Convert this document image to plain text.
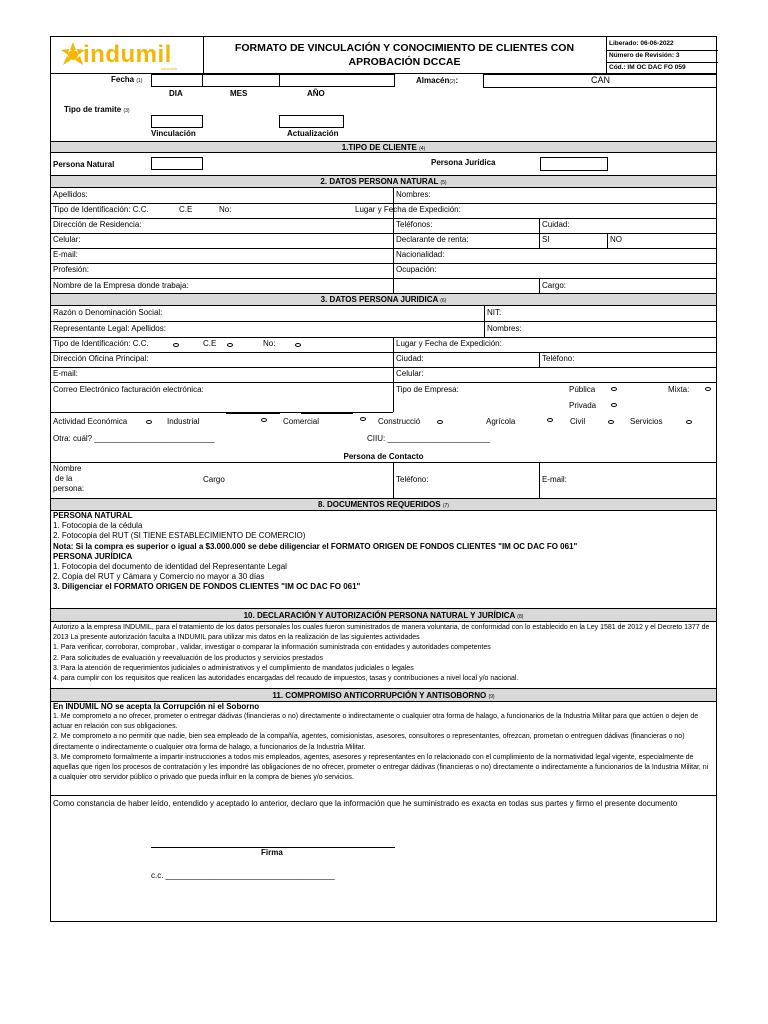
indumil
colombia
FORMATO DE VINCULACIÓN Y CONOCIMIENTO DE CLIENTES CON
APROBACIÓN DCCAE
Liberado: 06-06-2022
Número de Revisión: 3
Cód.: IM OC DAC FO 059
Fecha (1)	Almacén(2):	CAN
DIA	MES	AÑO
Tipo de tramite (3)
Vinculación	Actualización
1.TIPO DE CLIENTE (4)
Persona Natural	Persona Jurídica
2. DATOS PERSONA NATURAL (5)
Apellidos:	Nombres:
Tipo de Identificación: C.C.	C.E	No:	Lugar y Fecha de Expedición:
Dirección de Residencia:	Teléfonos:	Cuidad:
Celular:	Declarante de renta:	SI	NO
E-mail:	Nacionalidad:
Profesión:	Ocupación:
Nombre de la Empresa donde trabaja:	Cargo:
3. DATOS PERSONA JURIDICA (6)
Razón o Denominación Social:	NIT:
Representante Legal: Apellidos:	Nombres:
Tipo de Identificación: C.C.	C.E	No:	Lugar y Fecha de Expedición:
Dirección Oficina Principal:	Ciudad:	Teléfono:
E-mail:	Celular:
Correo Electrónico facturación electrónica:	Tipo de Empresa:	Pública	Mixta:
Privada
Actividad Económica	Industrial	Comercial	Construcció	Agrícola	Civil	Servicios
Otra: cuál? ___________________________	CIIU: _______________________
Persona de Contacto
Nombre
de la
persona:
Cargo	Teléfono:	E-mail:
8. DOCUMENTOS REQUERIDOS (7)
PERSONA NATURAL
1. Fotocopia de la cédula
2. Fotocopia del RUT (SI TIENE ESTABLECIMIENTO DE COMERCIO)
Nota: Si la compra es superior o igual a $3.000.000 se debe diligenciar el FORMATO ORIGEN DE FONDOS CLIENTES "IM OC DAC FO 061"
PERSONA JURÍDICA
1. Fotocopia del documento de identidad del Representante Legal
2. Copia del RUT y Cámara y Comercio no mayor a 30 días
3. Diligenciar el FORMATO ORIGEN DE FONDOS CLIENTES "IM OC DAC FO 061"
10. DECLARACIÓN Y AUTORIZACIÓN PERSONA NATURAL Y JURÍDICA (8)

Autorizo a la empresa INDUMIL, para el tratamiento de los datos personales los cuales fueron suministrados de manera voluntaria, de conformidad con lo establecido en la Ley 1581 de 2012 y el Decreto 1377 de 2013 La presente autorización faculta a INDUMIL para utilizar mis datos en la realización de las siguientes actividades

1. Para verificar, corroborar, comprobar , validar, investigar o comparar la información suministrada con entidades y autoridades competentes

2. Para solicitudes de evaluación y reevaluación de los productos y servicios prestados

3. Para la atención de requerimientos judiciales o administrativos y el cumplimiento de mandatos judiciales o legales

4. para cumplir con los requisitos que realicen las autoridades encargadas del recaudo de impuestos, tasas y contribuciones a nivel local y/o nacional.

11. COMPROMISO ANTICORRUPCIÓN Y ANTISOBORNO (9)
En INDUMIL NO se acepta la Corrupción ni el Soborno

1. Me comprometo a no ofrecer, prometer o entregar dádivas (financieras o no) directamente o indirectamente o cualquier otra forma de halago, a funcionarios de la Industria Militar para que actúen o dejen de actuar en relación con sus obligaciones.

2. Me comprometo a no permitir que nadie, bien sea empleado de la compañía, agentes, comisionistas, asesores, consultores o representantes, ofrezcan, prometan o entreguen dádivas (financieras o no) directamente o indirectamente o cualquier otra forma de halago, a funcionarios de la Industria Militar.

3. Me comprometo formalmente a impartir instrucciones a todos mis empleados, agentes, asesores y representantes en lo relacionado con el cumplimiento de la normatividad legal vigente, especialmente de aquellas que rigen los procesos de contratación y les impondré las obligaciones de no ofrecer, prometer o entregar dádivas (financieras o no) directamente o indirectamente a funcionarios de la Industria Militar, ni a cualquier otro servidor público o privado que pueda influir en la compra de bienes y/o servicios.

Como constancia de haber leído, entendido y aceptado lo anterior, declaro que la información que he suministrado es exacta en todas sus partes y firmo el presente documento
Firma
c.c. ______________________________________
